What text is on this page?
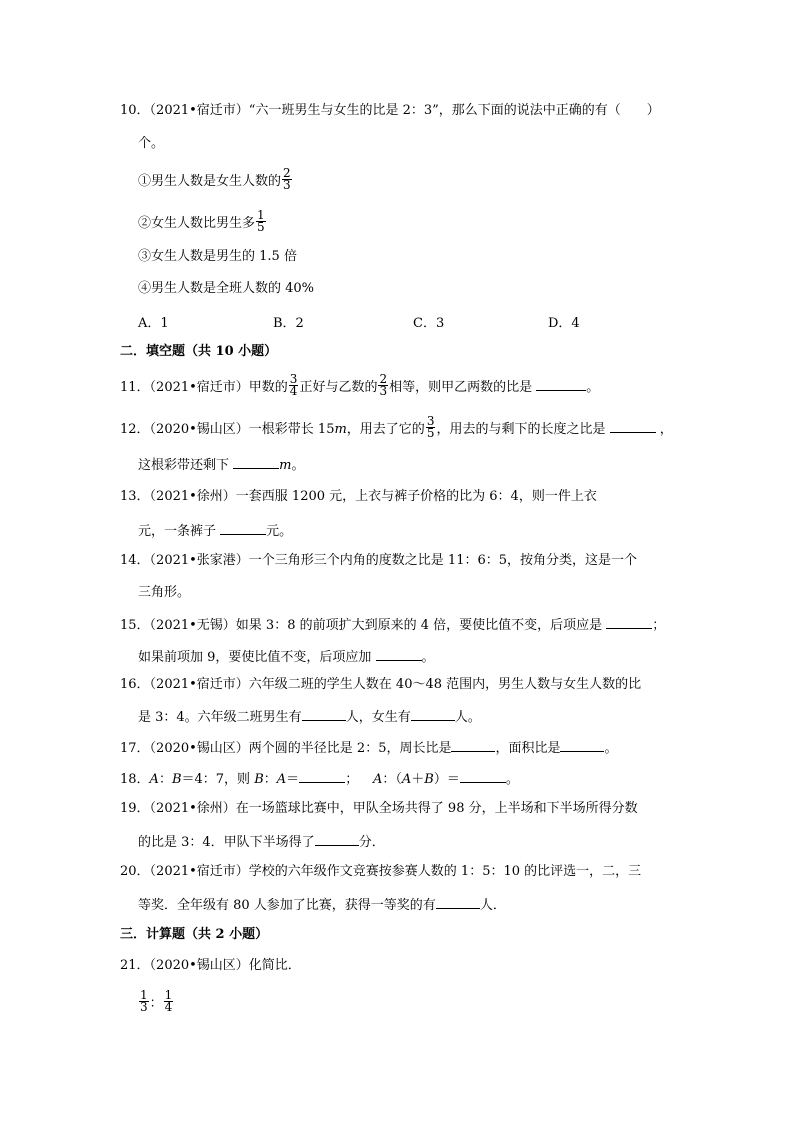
10．（2021•宿迁市）“六一班男生与女生的比是 2：3”，那么下面的说法中正确的有（　　）
个。
①男生人数是女生人数的 $\frac{2}{3}$
②女生人数比男生多 $\frac{1}{5}$
③女生人数是男生的 1.5 倍
④男生人数是全班人数的 40%
A．1	B．2	C．3	D．4
二．填空题（共 10 小题）
11．（2021•宿迁市）甲数的 $\frac{3}{4}$ 正好与乙数的 $\frac{2}{3}$ 相等，则甲乙两数的比是	。
12．（2020•锡山区）一根彩带长 15m，用去了它的 $\frac{3}{5}$ ，用去的与剩下的长度之比是	，
这根彩带还剩下	m。
13．（2021•徐州）一套西服 1200 元，上衣与裤子价格的比为 6：4，则一件上衣
元，一条裤子	元。
14．（2021•张家港）一个三角形三个内角的度数之比是 11：6：5，按角分类，这是一个
三角形。
15．（2021•无锡）如果 3：8 的前项扩大到原来的 4 倍，要使比值不变，后项应是	；
如果前项加 9，要使比值不变，后项应加	。
16．（2021•宿迁市）六年级二班的学生人数在 40～48 范围内，男生人数与女生人数的比
是 3：4。六年级二班男生有	人，女生有	人。
17．（2020•锡山区）两个圆的半径比是 2：5，周长比是	，面积比是	。
18．A：B＝4：7，则 B：A＝	；　  A：（A＋B）＝	。
19．（2021•徐州）在一场篮球比赛中，甲队全场共得了 98 分，上半场和下半场所得分数
的比是 3：4．甲队下半场得了	分．
20．（2021•宿迁市）学校的六年级作文竞赛按参赛人数的 1：5：10 的比评选一，二，三
等奖．全年级有 80 人参加了比赛，获得一等奖的有	人．
三．计算题（共 2 小题）
21．（2020•锡山区）化简比．
$\frac{1}{3}$ ： $\frac{1}{4}$
